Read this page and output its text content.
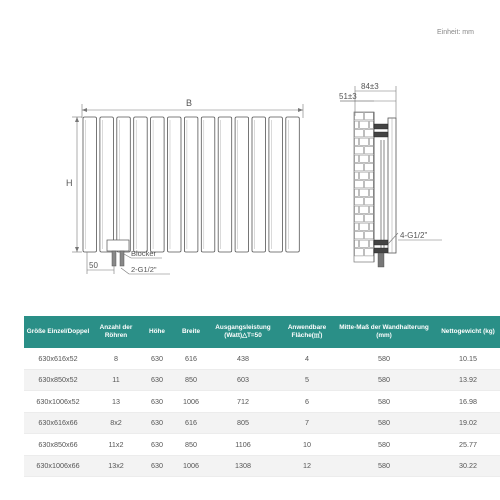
Einheit: mm
B
H
Blocker
50	2-G1/2"
84±3
51±3
4-G1/2"
Größe Einzel/Doppel	Anzahl der Röhren	Höhe	Breite	Ausgangsleistung (Watt)△T=50	Anwendbare Fläche(㎡)	Mitte-Maß der Wandhalterung (mm)	Nettogewicht (kg)
630x616x52	8	630	616	438	4	580	10.15
630x850x52	11	630	850	603	5	580	13.92
630x1006x52	13	630	1006	712	6	580	16.98
630x616x66	8x2	630	616	805	7	580	19.02
630x850x66	11x2	630	850	1106	10	580	25.77
630x1006x66	13x2	630	1006	1308	12	580	30.22
